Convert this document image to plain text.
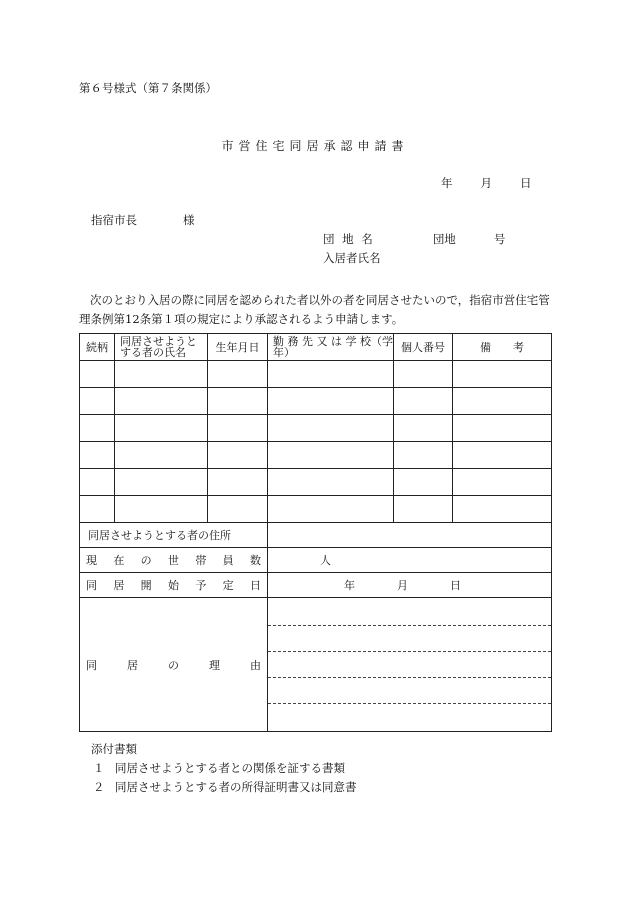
第６号様式（第７条関係）
市営住宅同居承認申請書
年 月 日
指宿市長	様
団 地 名	団地	号
入居者氏名
次のとおり入居の際に同居を認められた者以外の者を同居させたいので，指宿市営住宅管理条例第12条第１項の規定により承認されるよう申請します。
続柄	同居させようとする者の氏名	生年月日	勤 務 先 又 は 学 校（学年）	個人番号	備　　考

同居させようとする者の住所					
現在の世帯員数			人		
同居開始予定日			年 月 日		
同居の理由					
添付書類
１ 同居させようとする者との関係を証する書類
２ 同居させようとする者の所得証明書又は同意書
